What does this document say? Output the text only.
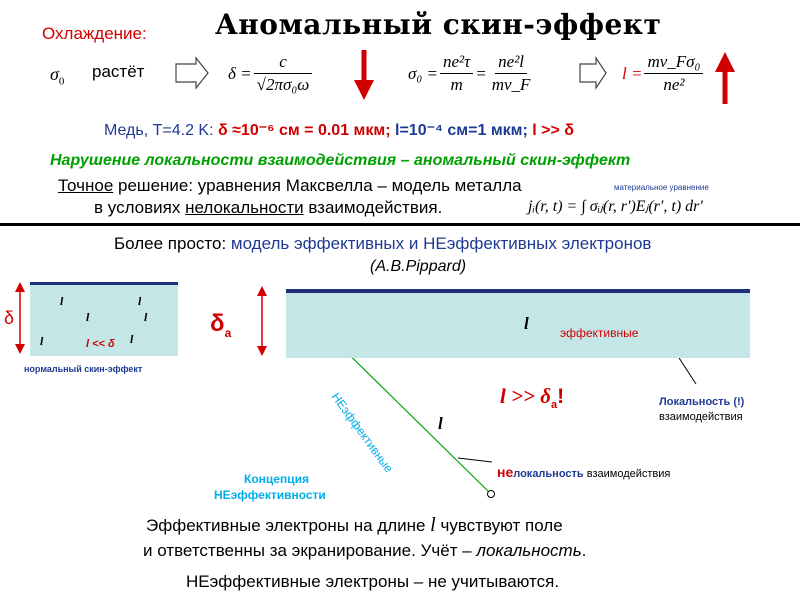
Аномальный скин-эффект
Охлаждение:
$\sigma_0$
растёт	$\delta = \frac{c}{\text{√2πσ₀ω}}$	$\sigma_0 = \frac{\text{ne²τ}}{m} = \frac{\text{ne²l}}{mv\_F}$	$l = \frac{\text{mv\_Fσ₀}}{\text{ne²}}$
Медь, T=4.2 K: δ ≈10⁻⁶ см = 0.01 мкм; l=10⁻⁴ см=1 мкм; l >> δ
Нарушение локальности взаимодействия – аномальный скин-эффект
Точное решение: уравнения Максвелла – модель металла
в условиях нелокальности взаимодействия.
материальное уравнение
jᵢ(r, t) = ∫ σᵢⱼ(r, r′)Eⱼ(r′, t) dr′
Более просто: модель эффективных и НЕэффективных электронов
(A.B.Pippard)
δ
l
l
l
l
l	l
l << δ
нормальный скин-эффект
$\delta_a$	l	эффективные
НЕэффективные l
$l >> \delta_a$!	Локальность (!)
взаимодействия
нелокальность взаимодействия
Концепция
НЕэффективности
Эффективные электроны на длине l чувствуют поле
и ответственны за экранирование. Учёт – локальность.
НЕэффективные электроны – не учитываются.
